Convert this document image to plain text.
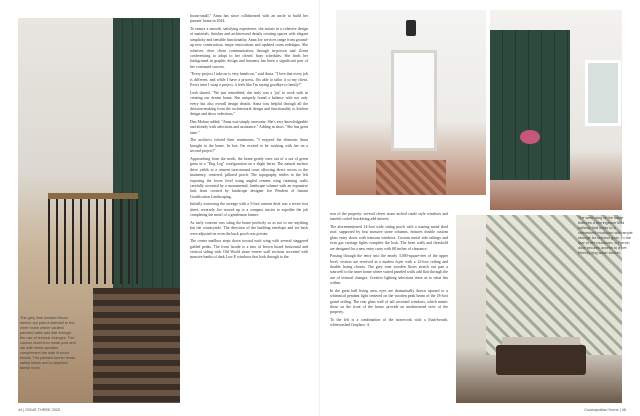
The grey lime wooden floors stretch out past a stairwell to the inner home where vaulted paneled walls add flair through the use of textural changes. The custom wood iron metal post and rail with metal spindles complement the side lit wood treads. The padded runner lends safety below and a carpeted family room.

house:small," Anna has since collaborated with an uncle to build her parents' home in 2024.

To ensure a smooth, satisfying experience, she assists in a cohesive design of materials, finishes and architectural details creating spaces with elegant simplicity and sensible functionality. Anna Joy services range from ground-up new construction, major renovations and updated room redesigns. She achieves clear client communication through in-person and Zoom conferencing to adapt to her clients' busy schedules. She finds her background in graphic design and business has been a significant part of her continued success.

"Every project I take on is very hands-on," said Anna. "I love that every job is different, and while I have a process, I'm able to tailor it to my client. Every time I wrap a project, it feels like I'm saying goodbye to family!"

Leah shared, "We just remodeled, she truly was a 'joy' to work with in creating our dream home. She uniquely found a balance with not only every but also overall design details. Anna was helpful through all the decision-making from the architectural design and functionality to kitchen design and decor selections."

Dan Molnar added, "Anna was simply awesome. She's very knowledgeable and already with selections and assistance." Adding in short, "She has great taste."

The architect echoed their sentiments, "I enjoyed the elements Anna brought to the home. In fact, I'm excited to be working with her on a second project!"

Approaching from the north, the home gently rises out of a sea of green grass in a "Dog Leg" configuration on a slight berm. The natural surface drive yields to a cement turn-around court allowing direct access to the mainentry, centered, pillared porch. The topography settles to the left exposing the lower level using angled cement wing retaining walls carefully accented by a monumental, landscape scheme with an expansive lush lawn created by landscape designer Joe Pendent of Instant Gratification Landscaping.

Initially traversing the acreage with a 5-foot cement deck was a seven foot sheet, reversely Joe moved up to a compact tractor to expedite the job completing the motif of a gentleman farmer.

As early concern was siting the home perfectly so as not to see anything but the countryside. The direction of the building envelope and set back were adjusted on even the back porch was private.

The center mailbox steps down toward each wing with several staggered gabled peaks. The front facade is a mix of brown board horizontal and vertical siding with Old World stone veneer wall sections accented with massive banks of dark Low E windows that look through to the

44 | ISSUE THREE 2025

rear of the property: several clever stone arched castle style windows and tasteful corbel bracketing add interest.

The aforementioned 14-foot wide sitting porch with a soaring metal shed roof, supported by four massive stone columns, features double custom glass entry doors with transom windows. Custom metal side railings and twin gas carriage lights complete the look. The front walls and threshold are designed for a new entry carry with 68 inches of clearance.

Passing through the entry into the nearly 3,000-square-feet of the upper level, visitors are received in a modest foyer with a 12-foot ceiling and double facing closets. The grey tone wooden floors stretch out past a stairwell to the inner home where varied paneled walls add flair through the use of textural changes. Creative lighting selections tease us to what lies within.

In the great hall living area, eyes are dramatically drawn upward to a whimsical pendant light centered on the wooden peak beam of the 18-foot grand ceiling. The rear glass wall of tall accented windows, which mimic those on the front of the home, provide an unobstructed view of the property.

To the left is a combination of the stonework with a flush-hearth, whitewashed fireplace. A

The west wing of the home features a herringbone tiled hallway that leads to a convenient mudroom with ample storage for outdoor gear. To the rear of the mudroom, a French door secures access to a pet friendly dog wash station.
Cosmopolitan Home | 45
